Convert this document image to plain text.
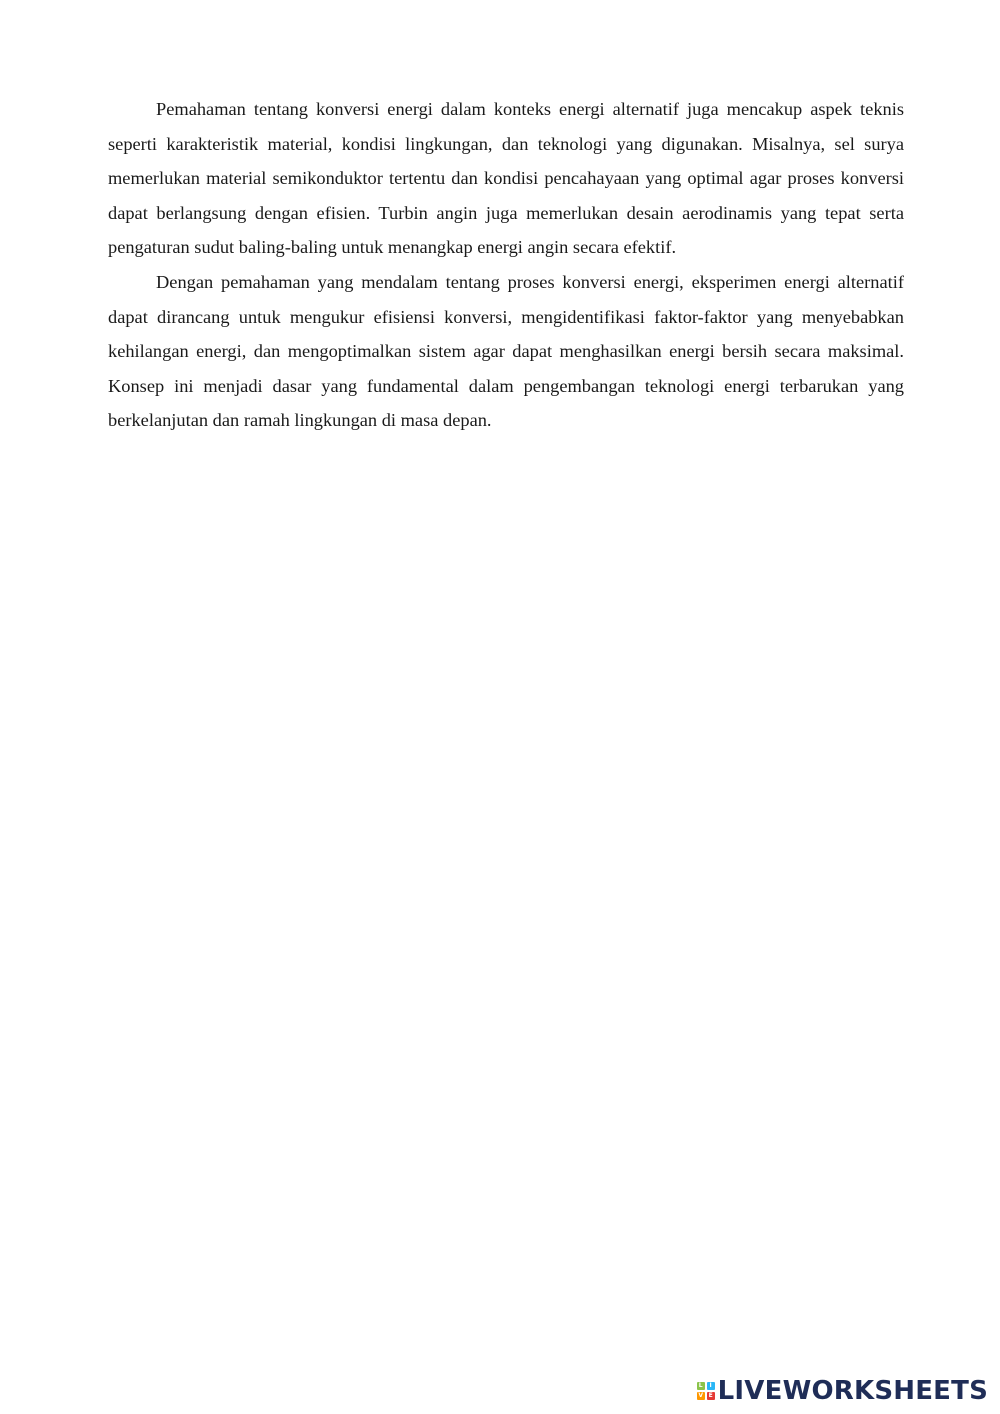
Pemahaman tentang konversi energi dalam konteks energi alternatif juga mencakup aspek teknis seperti karakteristik material, kondisi lingkungan, dan teknologi yang digunakan. Misalnya, sel surya memerlukan material semikonduktor tertentu dan kondisi pencahayaan yang optimal agar proses konversi dapat berlangsung dengan efisien. Turbin angin juga memerlukan desain aerodinamis yang tepat serta pengaturan sudut baling-baling untuk menangkap energi angin secara efektif.

Dengan pemahaman yang mendalam tentang proses konversi energi, eksperimen energi alternatif dapat dirancang untuk mengukur efisiensi konversi, mengidentifikasi faktor-faktor yang menyebabkan kehilangan energi, dan mengoptimalkan sistem agar dapat menghasilkan energi bersih secara maksimal. Konsep ini menjadi dasar yang fundamental dalam pengembangan teknologi energi terbarukan yang berkelanjutan dan ramah lingkungan di masa depan.

L	I
V E LIVEWORKSHEETS
